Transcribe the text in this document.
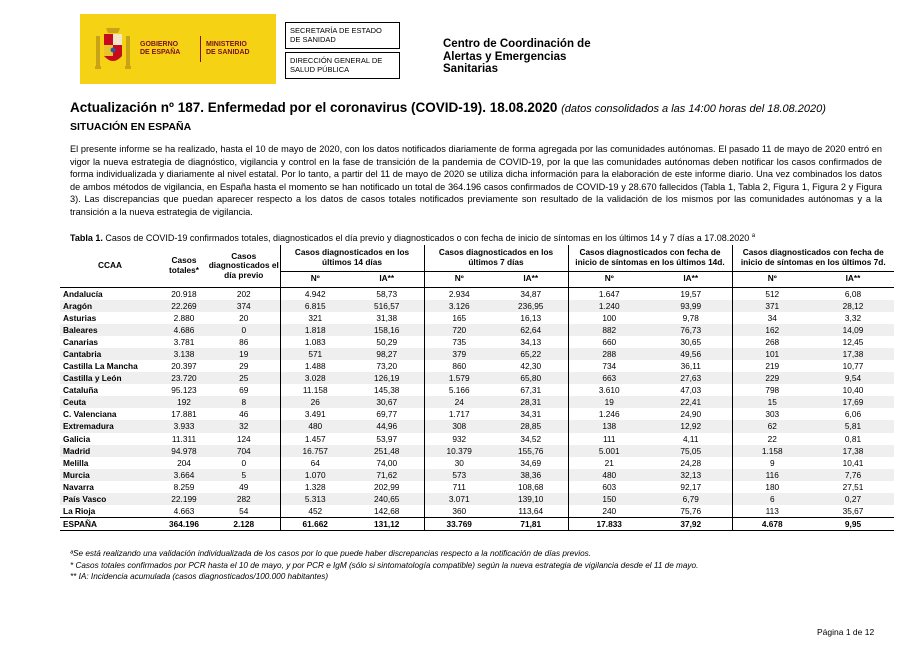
GOBIERNO
DE ESPAÑA
MINISTERIO
DE SANIDAD
SECRETARÍA DE ESTADO
DE SANIDAD
DIRECCIÓN GENERAL DE
SALUD PÚBLICA
Centro de Coordinación de
Alertas y Emergencias
Sanitarias
Actualización nº 187. Enfermedad por el coronavirus (COVID-19). 18.08.2020 (datos consolidados a las 14:00 horas del 18.08.2020)
SITUACIÓN EN ESPAÑA

El presente informe se ha realizado, hasta el 10 de mayo de 2020, con los datos notificados diariamente de forma agregada por las comunidades autónomas. El pasado 11 de mayo de 2020 entró en vigor la nueva estrategia de diagnóstico, vigilancia y control en la fase de transición de la pandemia de COVID-19, por la que las comunidades autónomas deben notificar los casos confirmados de forma individualizada y diariamente al nivel estatal. Por lo tanto, a partir del 11 de mayo de 2020 se utiliza dicha información para la elaboración de este informe diario. Una vez combinados los datos de ambos métodos de vigilancia, en España hasta el momento se han notificado un total de 364.196 casos confirmados de COVID-19 y 28.670 fallecidos (Tabla 1, Tabla 2, Figura 1, Figura 2 y Figura 3). Las discrepancias que puedan aparecer respecto a los datos de casos totales notificados previamente son resultado de la validación de los mismos por las comunidades autónomas y a la transición a la nueva estrategia de vigilancia.

Tabla 1. Casos de COVID-19 confirmados totales, diagnosticados el día previo y diagnosticados o con fecha de inicio de síntomas en los últimos 14 y 7 días a 17.08.2020 $^a$
CCAA	Casos totales*	Casos diagnosticados el día previo	Casos diagnosticados en los últimos 14 días		Casos diagnosticados en los últimos 7 días		Casos diagnosticados con fecha de inicio de síntomas en los últimos 14d.		Casos diagnosticados con fecha de inicio de síntomas en los últimos 7d.	
			Nº	IA**	Nº	IA**	Nº	IA**	Nº	IA**
Andalucía	20.918	202	4.942	58,73	2.934	34,87	1.647	19,57	512	6,08
Aragón	22.269	374	6.815	516,57	3.126	236,95	1.240	93,99	371	28,12
Asturias	2.880	20	321	31,38	165	16,13	100	9,78	34	3,32
Baleares	4.686	0	1.818	158,16	720	62,64	882	76,73	162	14,09
Canarias	3.781	86	1.083	50,29	735	34,13	660	30,65	268	12,45
Cantabria	3.138	19	571	98,27	379	65,22	288	49,56	101	17,38
Castilla La Mancha	20.397	29	1.488	73,20	860	42,30	734	36,11	219	10,77
Castilla y León	23.720	25	3.028	126,19	1.579	65,80	663	27,63	229	9,54
Cataluña	95.123	69	11.158	145,38	5.166	67,31	3.610	47,03	798	10,40
Ceuta	192	8	26	30,67	24	28,31	19	22,41	15	17,69
C. Valenciana	17.881	46	3.491	69,77	1.717	34,31	1.246	24,90	303	6,06
Extremadura	3.933	32	480	44,96	308	28,85	138	12,92	62	5,81
Galicia	11.311	124	1.457	53,97	932	34,52	111	4,11	22	0,81
Madrid	94.978	704	16.757	251,48	10.379	155,76	5.001	75,05	1.158	17,38
Melilla	204	0	64	74,00	30	34,69	21	24,28	9	10,41
Murcia	3.664	5	1.070	71,62	573	38,36	480	32,13	116	7,76
Navarra	8.259	49	1.328	202,99	711	108,68	603	92,17	180	27,51
País Vasco	22.199	282	5.313	240,65	3.071	139,10	150	6,79	6	0,27
La Rioja	4.663	54	452	142,68	360	113,64	240	75,76	113	35,67
ESPAÑA	364.196	2.128	61.662	131,12	33.769	71,81	17.833	37,92	4.678	9,95
ªSe está realizando una validación individualizada de los casos por lo que puede haber discrepancias respecto a la notificación de días previos.
* Casos totales confirmados por PCR hasta el 10 de mayo, y por PCR e IgM (sólo si sintomatología compatible) según la nueva estrategia de vigilancia desde el 11 de mayo.
** IA: Incidencia acumulada (casos diagnosticados/100.000 habitantes)
Página 1 de 12
